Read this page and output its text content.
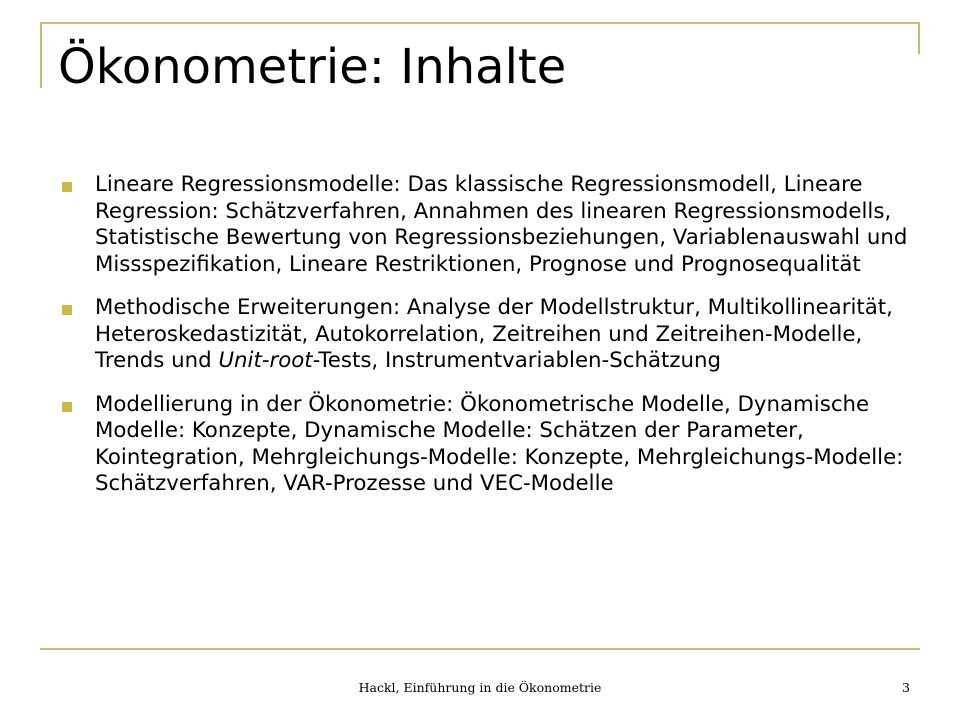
Ökonometrie: Inhalte
Lineare Regressionsmodelle: Das klassische Regressionsmodell, Lineare Regression: Schätzverfahren, Annahmen des linearen Regressionsmodells, Statistische Bewertung von Regressionsbeziehungen, Variablenauswahl und Missspezifikation, Lineare Restriktionen, Prognose und Prognosequalität
Methodische Erweiterungen: Analyse der Modellstruktur, Multikollinearität, Heteroskedastizität, Autokorrelation, Zeitreihen und Zeitreihen-Modelle, Trends und Unit-root-Tests, Instrumentvariablen-Schätzung
Modellierung in der Ökonometrie: Ökonometrische Modelle, Dynamische Modelle: Konzepte, Dynamische Modelle: Schätzen der Parameter, Kointegration, Mehrgleichungs-Modelle: Konzepte, Mehrgleichungs-Modelle: Schätzverfahren, VAR-Prozesse und VEC-Modelle
Hackl, Einführung in die Ökonometrie	3
